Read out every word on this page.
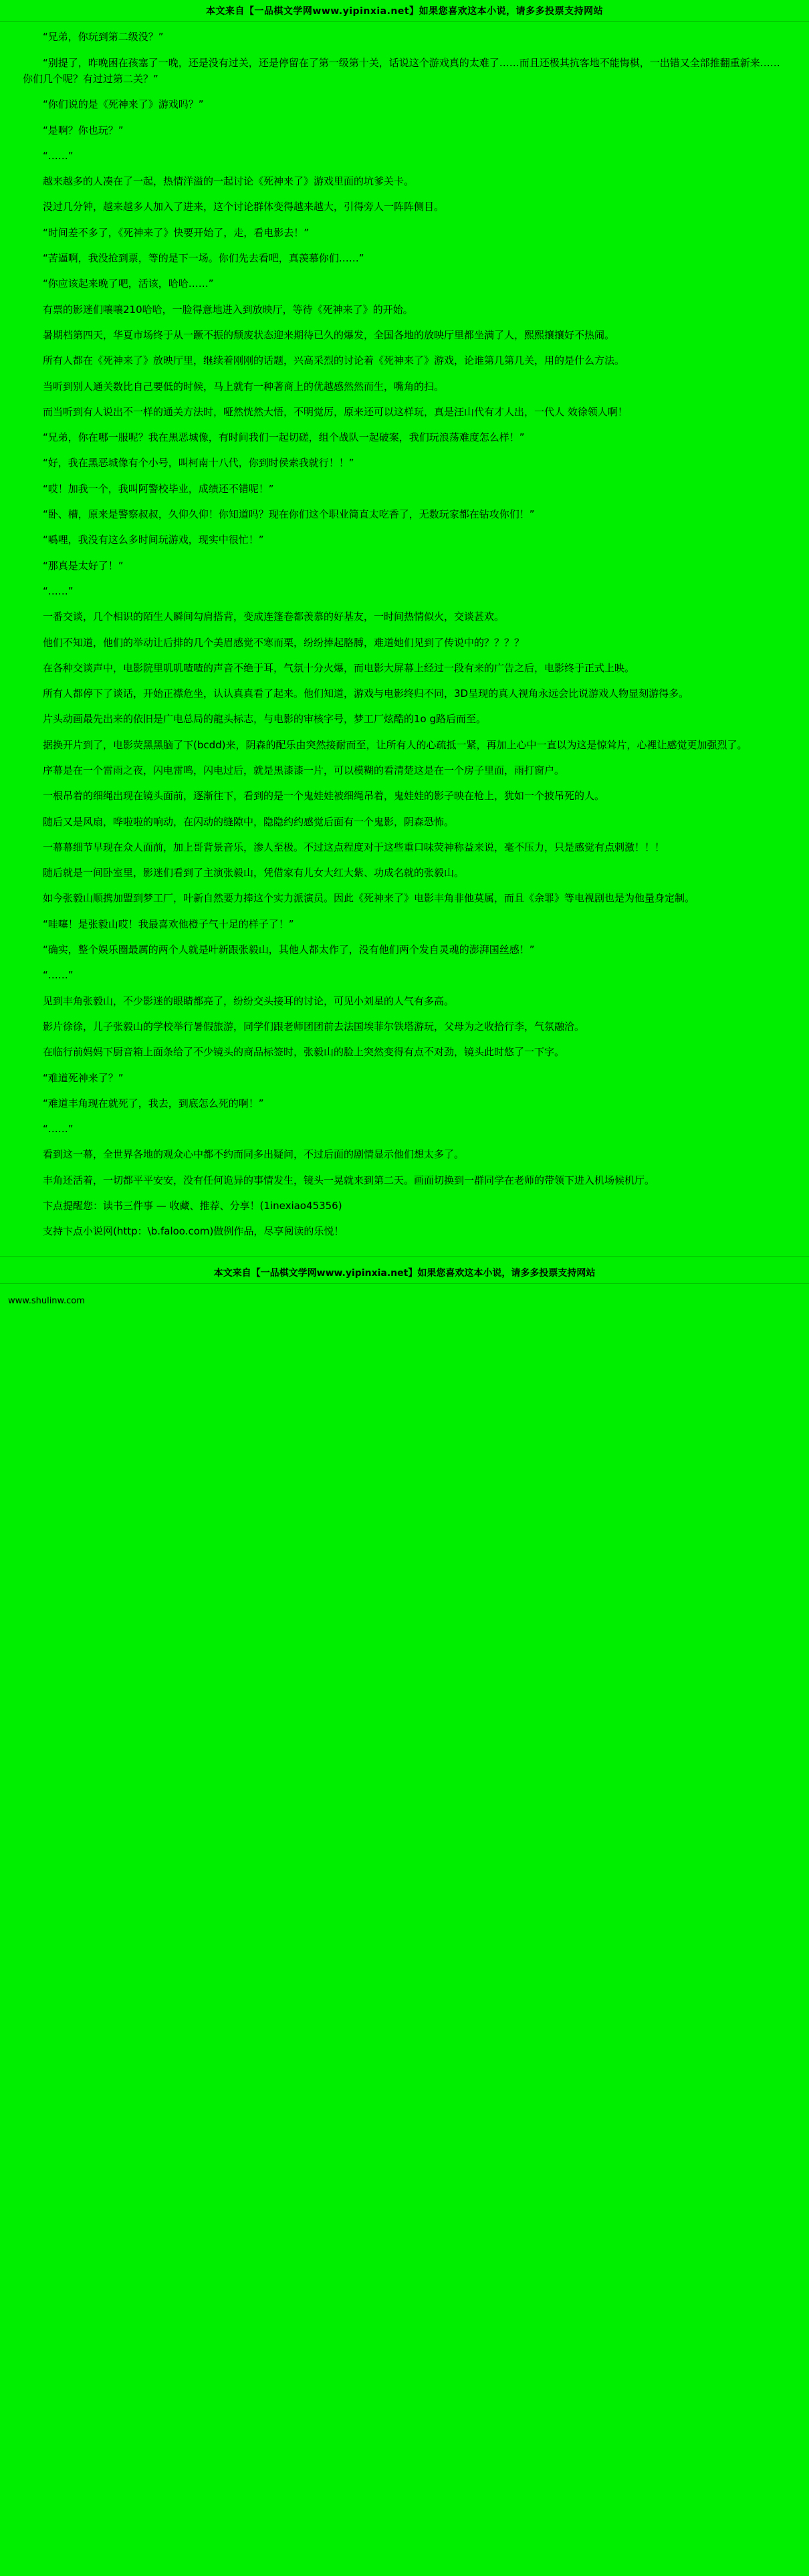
本文来自【一品棋文学网www.yipinxia.net】如果您喜欢这本小说，请多多投票支持网站

“兄弟，你玩到第二级没？”

“别提了，昨晚困在孩塞了一晚，还是没有过关，还是停留在了第一级第十关，话说这个游戏真的太难了……而且还极其抗客地不能悔棋，一出错又全部推翻重新来……你们几个呢？有过过第二关？”

“你们说的是《死神来了》游戏吗？”

“是啊？你也玩？”

“……”

越来越多的人凑在了一起，热情洋溢的一起讨论《死神来了》游戏里面的坑爹关卡。

没过几分钟，越来越多人加入了进来，这个讨论群体变得越来越大，引得旁人一阵阵侧目。

“时间差不多了，《死神来了》快要开始了，走，看电影去！”

“苦逼啊，我没抢到票，等的是下一场。你们先去看吧，真羡慕你们……”

“你应该起来晚了吧，活该，哈哈……”

有票的影迷们嚷嚷210哈哈，一脸得意地进入到放映厅，等待《死神来了》的开始。

暑期档第四天，华夏市场终于从一蹶不振的颓废状态迎来期待已久的爆发，全国各地的放映厅里都坐满了人，熙熙攘攘好不热闹。

所有人都在《死神来了》放映厅里，继续着刚刚的话题，兴高采烈的讨论着《死神来了》游戏，论谁第几第几关，用的是什么方法。

当听到别人通关数比自己要低的时候，马上就有一种著商上的优越感然然而生，嘴角的扫。

而当听到有人说出不一样的通关方法时，哑然恍然大悟，不明觉厉，原来还可以这样玩，真是汪山代有才人出，一代人 效徐领人啊！

“兄弟，你在哪一服呢？我在黑恶城像，有时间我们一起切磋，组个战队一起破案，我们玩浪荡难度怎么样！”

“好，我在黑恶城像有个小号，叫柯南十八代，你到时侯索我就行！！”

“哎！加我一个，我叫阿警校毕业，成绩还不错呢！”

“卧、槽，原来是警察叔叔，久仰久仰！你知道吗？现在你们这个职业简直太吃香了，无数玩家都在钻攻你们！”

“噅哩，我没有这么多时间玩游戏，现实中很忙！”

“那真是太好了！”

“……”

一番交谈，几个相识的陌生人瞬间勾肩搭背，变成连篷卷都羡慕的好基友，一时间热情似火，交谈甚欢。

他们不知道，他们的举动让后排的几个美眉感觉不寒而栗，纷纷捧起胳膊，难道她们见到了传说中的？？？？

在各种交谈声中，电影院里叽叽喳喳的声音不绝于耳，气氛十分火爆，而电影大屏幕上经过一段有来的广告之后，电影终于正式上映。

所有人都停下了谈话，开始正襟危坐，认认真真看了起来。他们知道，游戏与电影终归不同，3D呈现的真人视角永远会比说游戏人物显刻游得多。

片头动画最先出来的依旧是广电总局的龍头标志，与电影的审核字号，梦工厂炫酷的1o g路后而至。

据换开片到了，电影荧黑黑脑了下(bcdd)来，阴森的配乐由突然接耐而至，让所有人的心疏抵一紧，再加上心中一直以为这是惊耸片，心裡让感觉更加强烈了。

序幕是在一个雷雨之夜，闪电雷鸣，闪电过后，就是黑漆漆一片，可以模糊的看清楚这是在一个房子里面，雨打窗户。

一根吊着的细绳出现在镜头面前，逐渐往下，看到的是一个鬼娃娃被细绳吊着，鬼娃娃的影子映在枪上，犹如一个披吊死的人。

随后又是风扇，哗啦啦的响动，在闪动的缝隙中，隐隐约约感觉后面有一个鬼影，阴森恐怖。

一幕幕细节早现在众人面前，加上哥背景音乐，渗人至极。不过这点程度对于这些重口味荧神称益来说，毫不压力，只是感觉有点剌激！！！

随后就是一间卧室里，影迷们看到了主演张毅山，凭借家有儿女大红大紫、功成名就的张毅山。

如今张毅山顺携加盟到梦工厂，叶新自然要力捧这个实力派演员。因此《死神来了》电影丰角非他莫属，而且《余罪》等电视剧也是为他量身定制。

“哇噻！是张毅山哎！我最喜欢他橙子气十足的样子了！”

“确实，整个娱乐圈最厲的两个人就是叶新跟张毅山，其他人都太作了，没有他们两个发自灵魂的澎湃国丝感！”

“……”

见到丰角张毅山，不少影迷的眼睛都亮了，纷纷交头接耳的讨论，可见小刘星的人气有多高。

影片徐徐，儿子张毅山的学校举行暑假旅游，同学们跟老师团团前去法国埃菲尔铁塔游玩，父母为之收拾行李，气氛融洽。

在临行前妈妈下厨音箱上面条给了不少镜头的商品标签时，张毅山的脸上突然变得有点不对劲，镜头此时悠了一下字。

“难道死神来了？”

“难道丰角现在就死了，我去，到底怎么死的啊！”

“……”

看到这一幕，全世界各地的观众心中都不约而同多出疑问，不过后面的剧情显示他们想太多了。

丰角还活着，一切都平平安安，没有任何诡异的事情发生，镜头一晃就来到第二天。画面切换到一群同学在老师的带领下进入机场候机厅。

卞点提醒您：读书三件事 — 收藏、推荐、分享！(1inexiao45356)

支持卞点小说网(http：\b.faloo.com)做例作品，尽享阅读的乐悦！

本文来自【一品棋文学网www.yipinxia.net】如果您喜欢这本小说，请多多投票支持网站
www.shulinw.com
